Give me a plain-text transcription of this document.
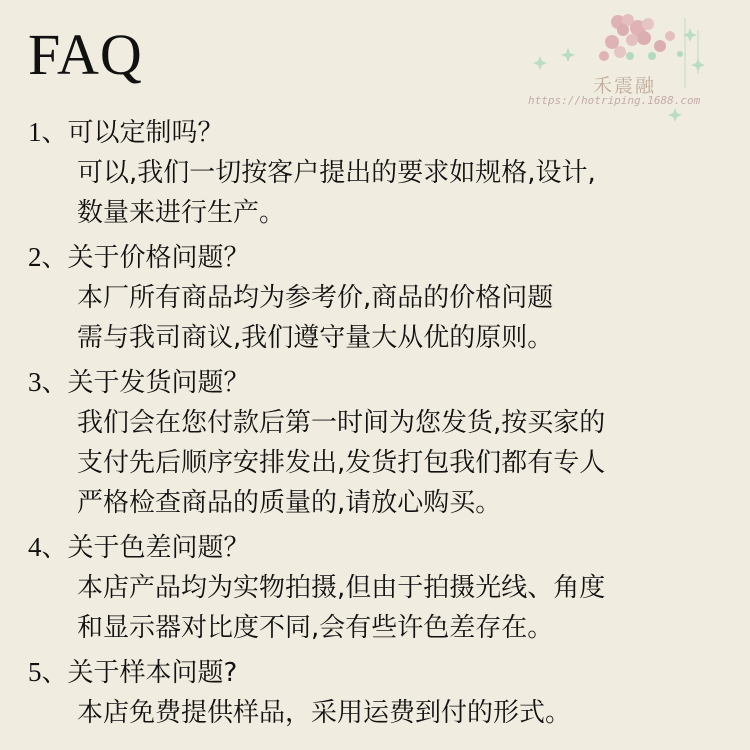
禾震融
https://hotriping.1688.com
FAQ
1、可以定制吗？
可以,我们一切按客户提出的要求如规格,设计,
数量来进行生产。
2、关于价格问题？
本厂所有商品均为参考价,商品的价格问题
需与我司商议,我们遵守量大从优的原则。
3、关于发货问题？
我们会在您付款后第一时间为您发货,按买家的
支付先后顺序安排发出,发货打包我们都有专人
严格检查商品的质量的,请放心购买。
4、关于色差问题？
本店产品均为实物拍摄,但由于拍摄光线、角度
和显示器对比度不同,会有些许色差存在。
5、关于样本问题?
本店免费提供样品，采用运费到付的形式。
